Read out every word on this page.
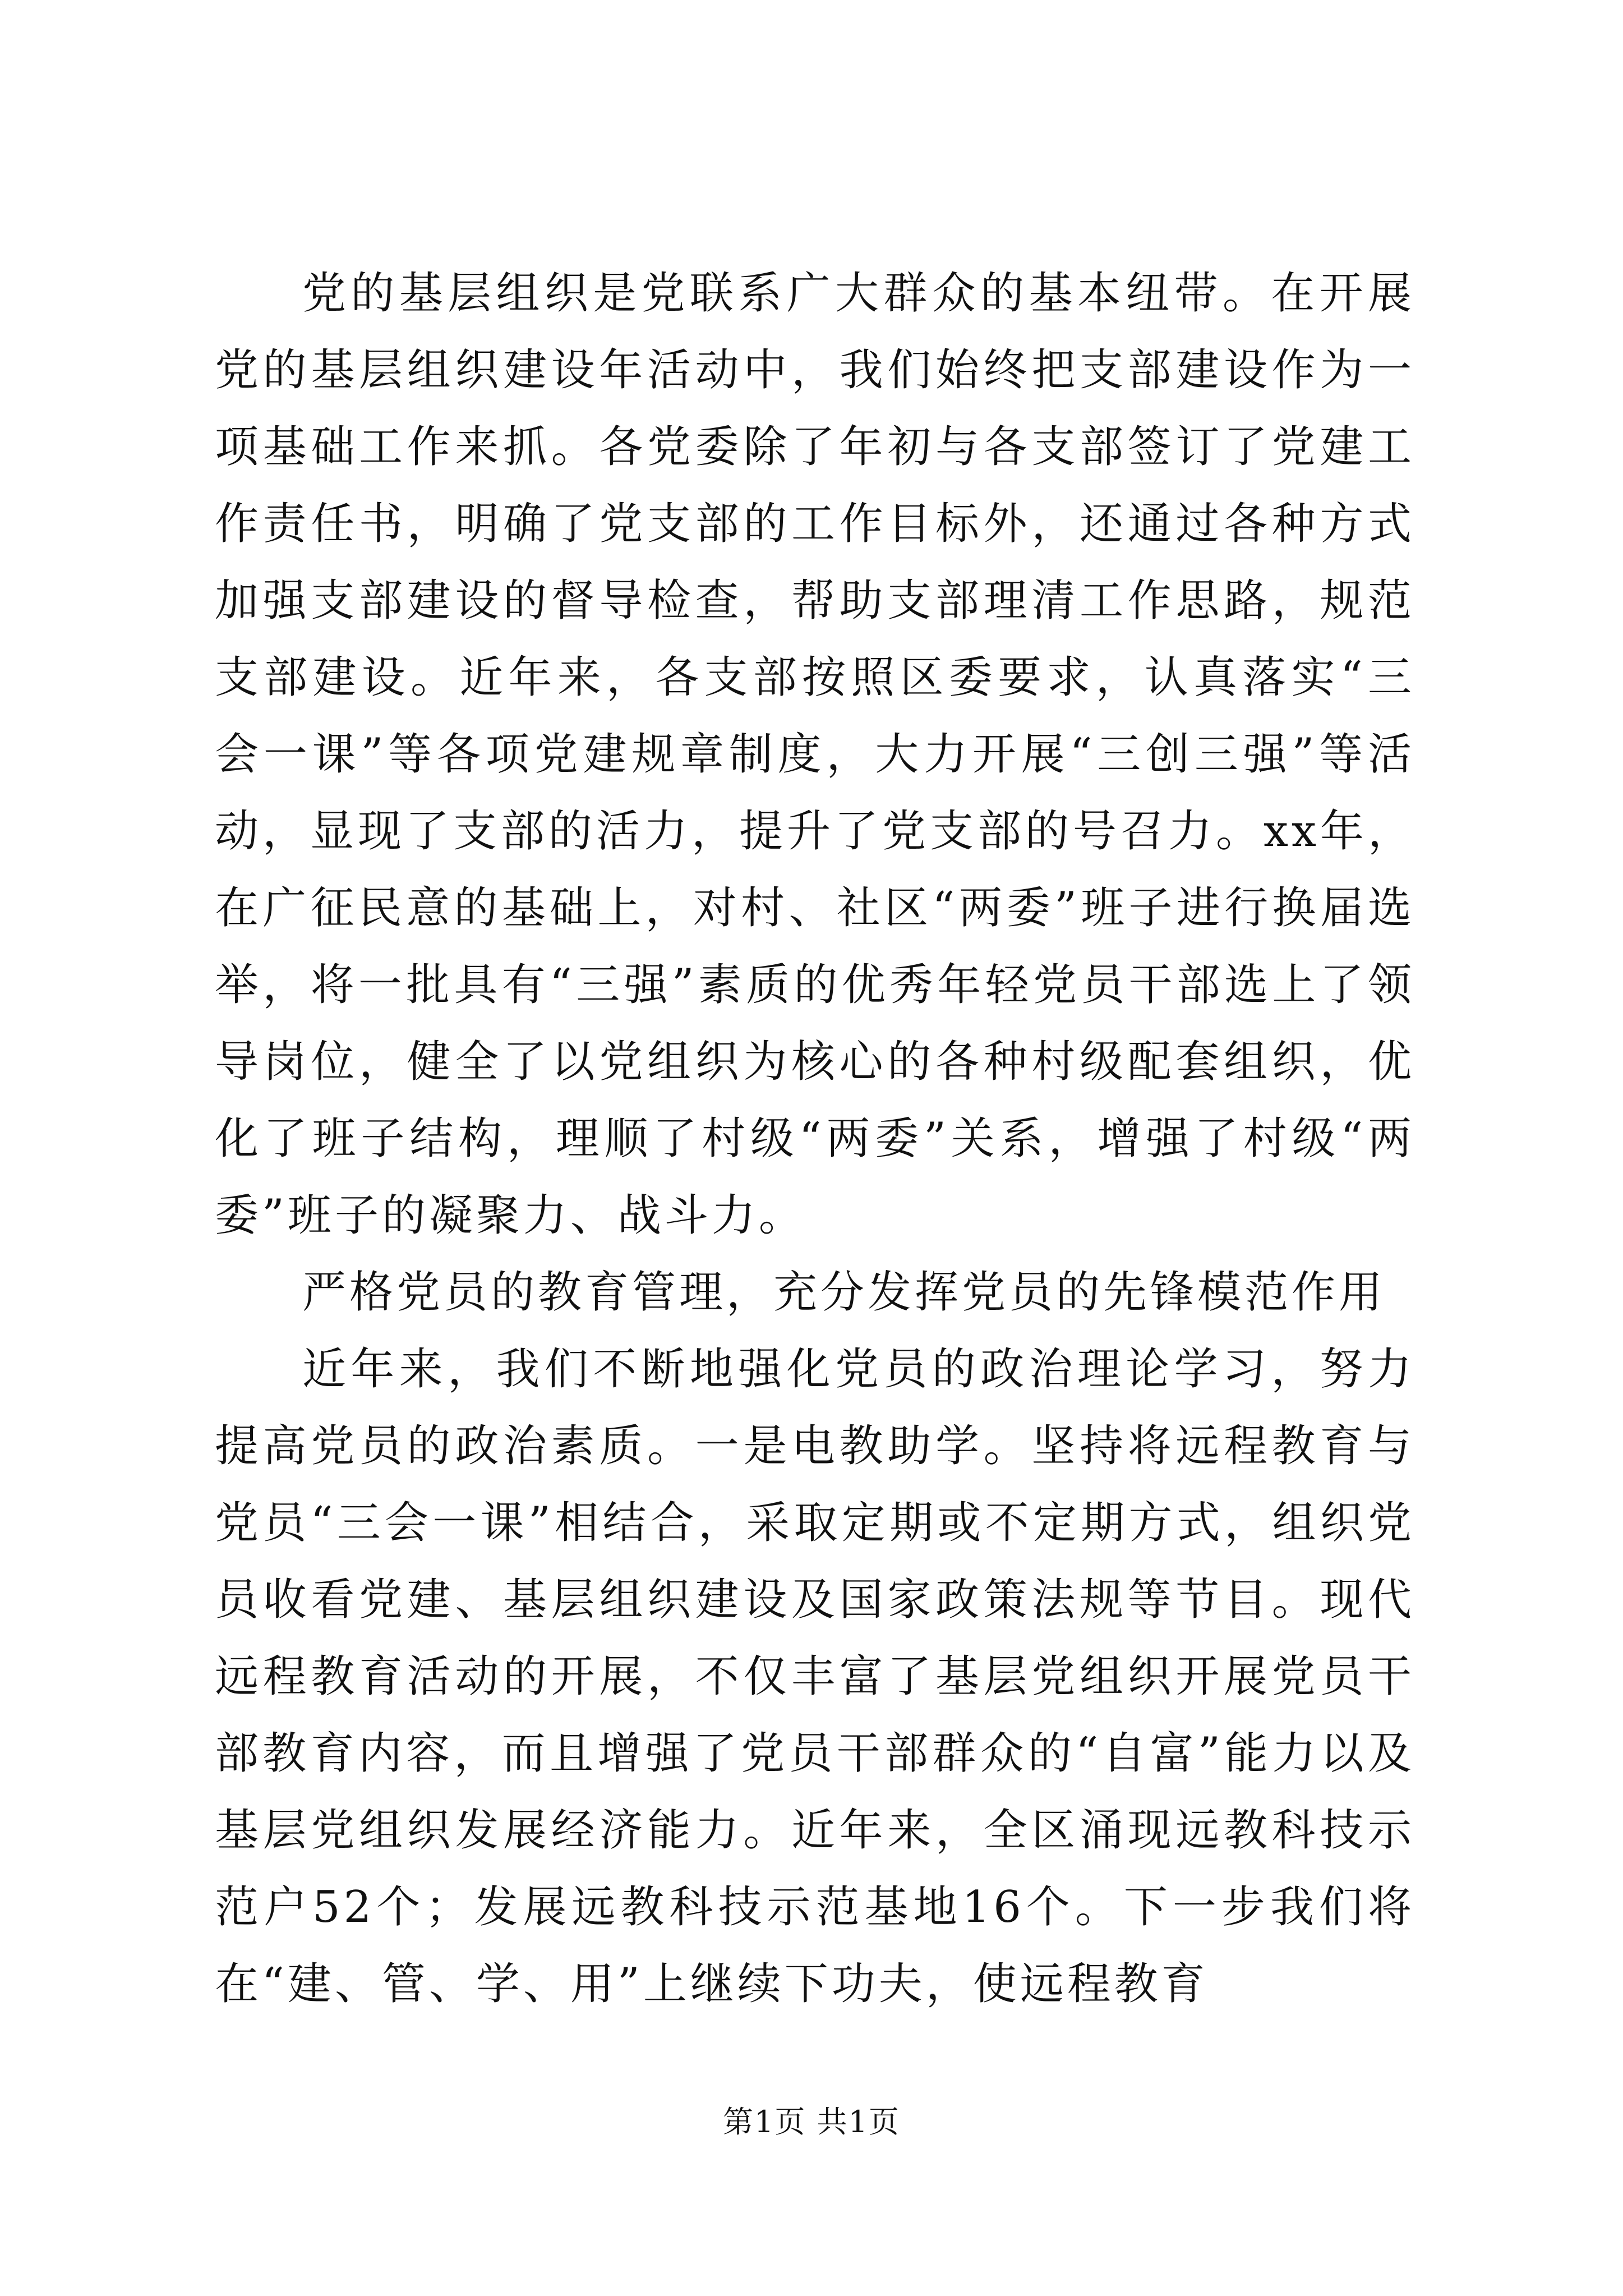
党的基层组织是党联系广大群众的基本纽带。在开展党的基层组织建设年活动中，我们始终把支部建设作为一项基础工作来抓。各党委除了年初与各支部签订了党建工作责任书，明确了党支部的工作目标外，还通过各种方式加强支部建设的督导检查，帮助支部理清工作思路，规范支部建设。近年来，各支部按照区委要求，认真落实“三会一课”等各项党建规章制度，大力开展“三创三强”等活动，显现了支部的活力，提升了党支部的号召力。xx年，在广征民意的基础上，对村、社区“两委”班子进行换届选举，将一批具有“三强”素质的优秀年轻党员干部选上了领导岗位，健全了以党组织为核心的各种村级配套组织，优化了班子结构，理顺了村级“两委”关系，增强了村级“两委”班子的凝聚力、战斗力。

严格党员的教育管理，充分发挥党员的先锋模范作用

近年来，我们不断地强化党员的政治理论学习，努力提高党员的政治素质。一是电教助学。坚持将远程教育与党员“三会一课”相结合，采取定期或不定期方式，组织党员收看党建、基层组织建设及国家政策法规等节目。现代远程教育活动的开展，不仅丰富了基层党组织开展党员干部教育内容，而且增强了党员干部群众的“自富”能力以及基层党组织发展经济能力。近年来，全区涌现远教科技示范户52个；发展远教科技示范基地16个。下一步我们将在“建、管、学、用”上继续下功夫，使远程教育

第1页 共1页
